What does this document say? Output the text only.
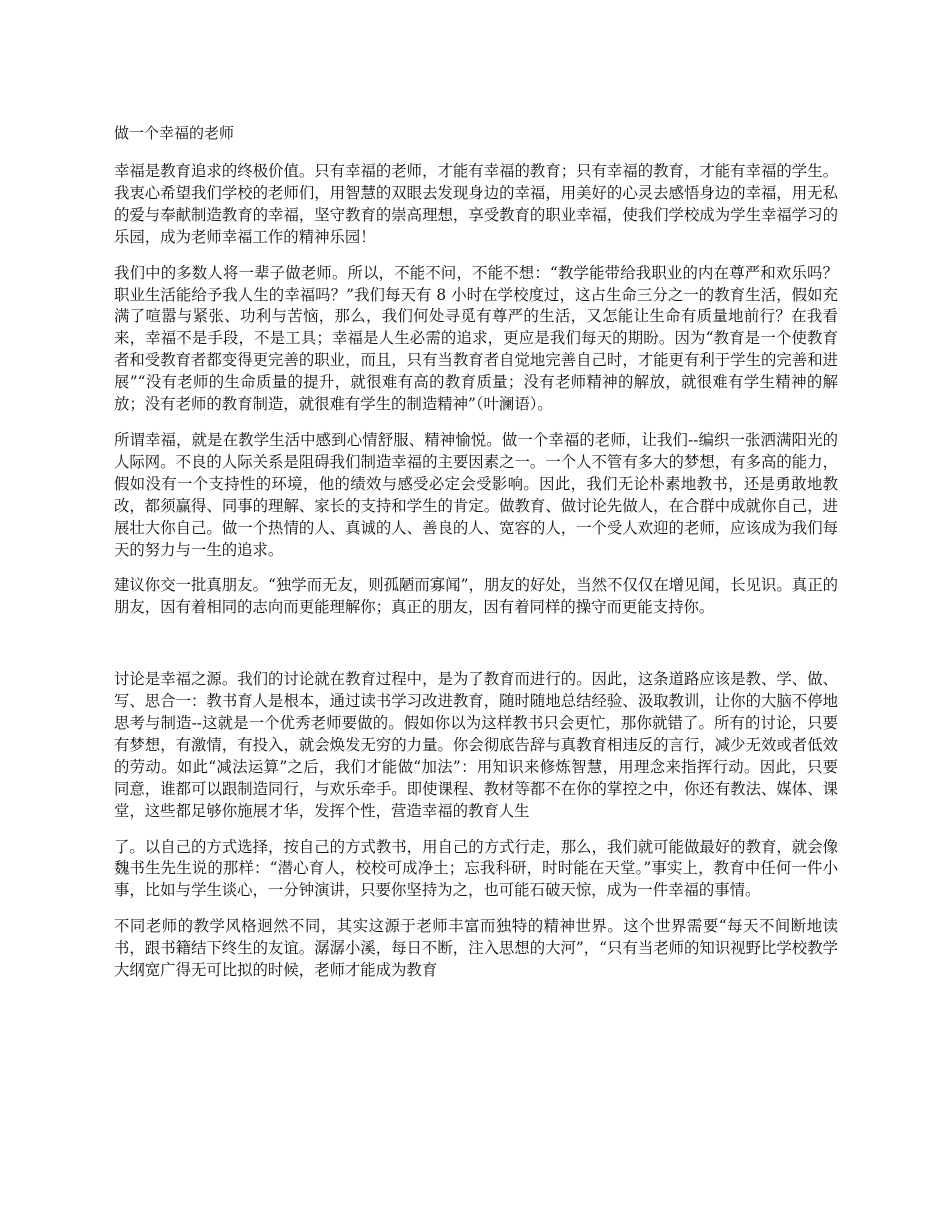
做一个幸福的老师

幸福是教育追求的终极价值。只有幸福的老师，才能有幸福的教育；只有幸福的教育，才能有幸福的学生。我衷心希望我们学校的老师们，用智慧的双眼去发现身边的幸福，用美好的心灵去感悟身边的幸福，用无私的爱与奉献制造教育的幸福，坚守教育的崇高理想，享受教育的职业幸福，使我们学校成为学生幸福学习的乐园，成为老师幸福工作的精神乐园！

我们中的多数人将一辈子做老师。所以，不能不问，不能不想：“教学能带给我职业的内在尊严和欢乐吗？职业生活能给予我人生的幸福吗？”我们每天有 8 小时在学校度过，这占生命三分之一的教育生活，假如充满了喧嚣与紧张、功利与苦恼，那么，我们何处寻觅有尊严的生活，又怎能让生命有质量地前行？在我看来，幸福不是手段，不是工具；幸福是人生必需的追求，更应是我们每天的期盼。因为“教育是一个使教育者和受教育者都变得更完善的职业，而且，只有当教育者自觉地完善自己时，才能更有利于学生的完善和进展”“没有老师的生命质量的提升，就很难有高的教育质量；没有老师精神的解放，就很难有学生精神的解放；没有老师的教育制造，就很难有学生的制造精神”（叶澜语）。

所谓幸福，就是在教学生活中感到心情舒服、精神愉悦。做一个幸福的老师，让我们--编织一张洒满阳光的人际网。不良的人际关系是阻碍我们制造幸福的主要因素之一。一个人不管有多大的梦想，有多高的能力，假如没有一个支持性的环境，他的绩效与感受必定会受影响。因此，我们无论朴素地教书，还是勇敢地教改，都须赢得、同事的理解、家长的支持和学生的肯定。做教育、做讨论先做人，在合群中成就你自己，进展壮大你自己。做一个热情的人、真诚的人、善良的人、宽容的人，一个受人欢迎的老师，应该成为我们每天的努力与一生的追求。

建议你交一批真朋友。“独学而无友，则孤陋而寡闻”，朋友的好处，当然不仅仅在增见闻，长见识。真正的朋友，因有着相同的志向而更能理解你；真正的朋友，因有着同样的操守而更能支持你。

讨论是幸福之源。我们的讨论就在教育过程中，是为了教育而进行的。因此，这条道路应该是教、学、做、写、思合一：教书育人是根本，通过读书学习改进教育，随时随地总结经验、汲取教训，让你的大脑不停地思考与制造--这就是一个优秀老师要做的。假如你以为这样教书只会更忙，那你就错了。所有的讨论，只要有梦想，有激情，有投入，就会焕发无穷的力量。你会彻底告辞与真教育相违反的言行，减少无效或者低效的劳动。如此“减法运算”之后，我们才能做“加法”：用知识来修炼智慧，用理念来指挥行动。因此，只要同意，谁都可以跟制造同行，与欢乐牵手。即使课程、教材等都不在你的掌控之中，你还有教法、媒体、课堂，这些都足够你施展才华，发挥个性，营造幸福的教育人生

了。以自己的方式选择，按自己的方式教书，用自己的方式行走，那么，我们就可能做最好的教育，就会像魏书生先生说的那样：“潜心育人，校校可成净土；忘我科研，时时能在天堂。”事实上，教育中任何一件小事，比如与学生谈心，一分钟演讲，只要你坚持为之，也可能石破天惊，成为一件幸福的事情。

不同老师的教学风格迥然不同，其实这源于老师丰富而独特的精神世界。这个世界需要“每天不间断地读书，跟书籍结下终生的友谊。潺潺小溪，每日不断，注入思想的大河”，“只有当老师的知识视野比学校教学大纲宽广得无可比拟的时候，老师才能成为教育
